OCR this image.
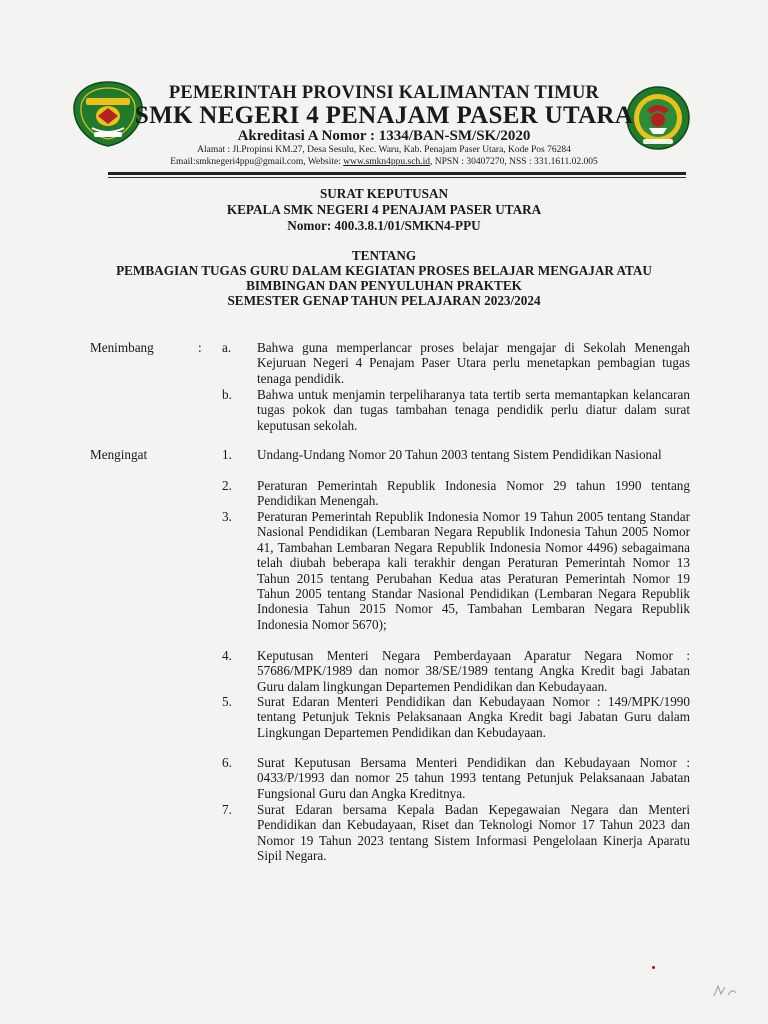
PEMERINTAH PROVINSI KALIMANTAN TIMUR
SMK NEGERI 4 PENAJAM PASER UTARA
Akreditasi A Nomor : 1334/BAN-SM/SK/2020
Alamat : Jl.Propinsi KM.27, Desa Sesulu, Kec. Waru, Kab. Penajam Paser Utara, Kode Pos 76284
Email:smknegeri4ppu@gmail.com, Website: www.smkn4ppu.sch.id, NPSN : 30407270, NSS : 331.1611.02.005
SURAT KEPUTUSAN
KEPALA SMK NEGERI 4 PENAJAM PASER UTARA
Nomor: 400.3.8.1/01/SMKN4-PPU
TENTANG
PEMBAGIAN TUGAS GURU DALAM KEGIATAN PROSES BELAJAR MENGAJAR ATAU
BIMBINGAN DAN PENYULUHAN PRAKTEK
SEMESTER GENAP TAHUN PELAJARAN 2023/2024
Menimbang	: a.	Bahwa guna memperlancar proses belajar mengajar di Sekolah Menengah Kejuruan Negeri 4 Penajam Paser Utara perlu menetapkan pembagian tugas tenaga pendidik.
b.	Bahwa untuk menjamin terpeliharanya tata tertib serta memantapkan kelancaran tugas pokok dan tugas tambahan tenaga pendidik perlu diatur dalam surat keputusan sekolah.
Mengingat	1.	Undang-Undang Nomor 20 Tahun 2003 tentang Sistem Pendidikan Nasional
2.	Peraturan Pemerintah Republik Indonesia Nomor 29 tahun 1990 tentang Pendidikan Menengah.
3.	Peraturan Pemerintah Republik Indonesia Nomor 19 Tahun 2005 tentang Standar Nasional Pendidikan (Lembaran Negara Republik Indonesia Tahun 2005 Nomor 41, Tambahan Lembaran Negara Republik Indonesia Nomor 4496) sebagaimana telah diubah beberapa kali terakhir dengan Peraturan Pemerintah Nomor 13 Tahun 2015 tentang Perubahan Kedua atas Peraturan Pemerintah Nomor 19 Tahun 2005 tentang Standar Nasional Pendidikan (Lembaran Negara Republik Indonesia Tahun 2015 Nomor 45, Tambahan Lembaran Negara Republik Indonesia Nomor 5670);
4.	Keputusan Menteri Negara Pemberdayaan Aparatur Negara Nomor : 57686/MPK/1989 dan nomor 38/SE/1989 tentang Angka Kredit bagi Jabatan Guru dalam lingkungan Departemen Pendidikan dan Kebudayaan.
5.	Surat Edaran Menteri Pendidikan dan Kebudayaan Nomor : 149/MPK/1990 tentang Petunjuk Teknis Pelaksanaan Angka Kredit bagi Jabatan Guru dalam Lingkungan Departemen Pendidikan dan Kebudayaan.
6.	Surat Keputusan Bersama Menteri Pendidikan dan Kebudayaan Nomor : 0433/P/1993 dan nomor 25 tahun 1993 tentang Petunjuk Pelaksanaan Jabatan Fungsional Guru dan Angka Kreditnya.
7.	Surat Edaran bersama Kepala Badan Kepegawaian Negara dan Menteri Pendidikan dan Kebudayaan, Riset dan Teknologi Nomor 17 Tahun 2023 dan Nomor 19 Tahun 2023 tentang Sistem Informasi Pengelolaan Kinerja Aparatu Sipil Negara.
